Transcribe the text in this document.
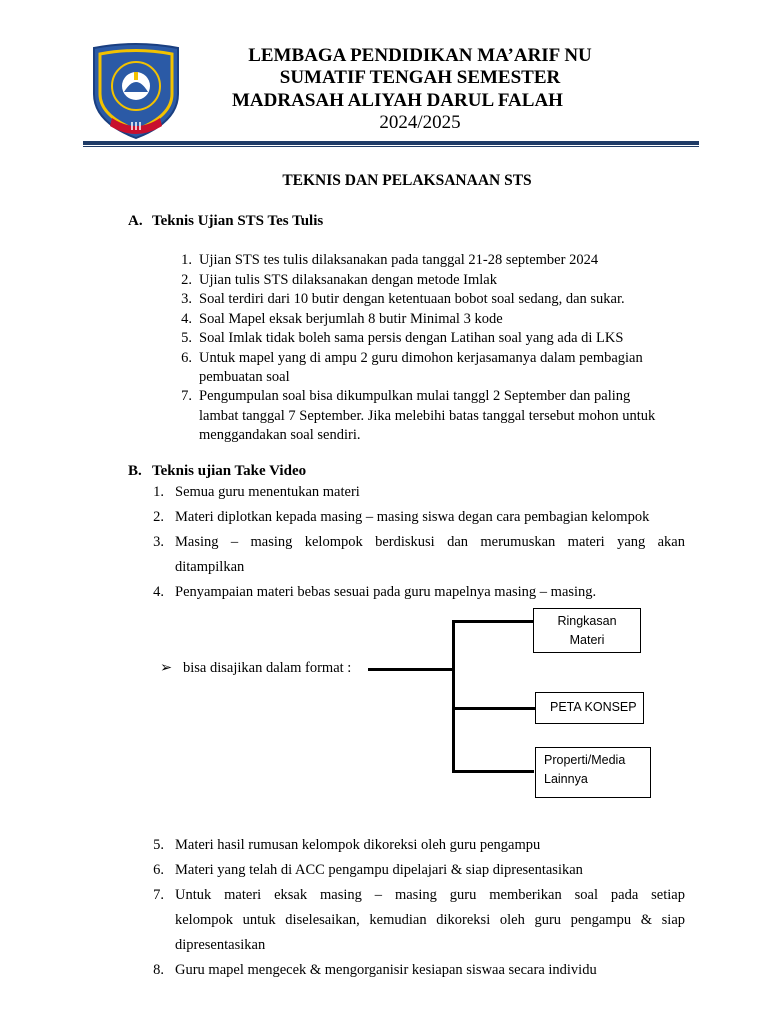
LEMBAGA PENDIDIKAN MA’ARIF NU
SUMATIF TENGAH SEMESTER
MADRASAH ALIYAH DARUL FALAH
2024/2025
TEKNIS DAN PELAKSANAAN STS
A. Teknis Ujian STS Tes Tulis
1. Ujian STS tes tulis dilaksanakan pada tanggal 21-28 september 2024
2. Ujian tulis STS dilaksanakan dengan metode Imlak
3. Soal terdiri dari 10 butir dengan ketentuaan bobot soal sedang, dan sukar.
4. Soal Mapel eksak berjumlah 8 butir Minimal 3 kode
5. Soal Imlak tidak boleh sama persis dengan Latihan soal yang ada di LKS
6. Untuk mapel yang di ampu 2 guru dimohon kerjasamanya dalam pembagian pembuatan soal
7. Pengumpulan soal bisa dikumpulkan mulai tanggl 2 September dan paling lambat tanggal 7 September. Jika melebihi batas tanggal tersebut mohon untuk menggandakan soal sendiri.
B. Teknis ujian Take Video
1. Semua guru menentukan materi
2. Materi diplotkan kepada masing – masing siswa degan cara pembagian kelompok
3. Masing – masing kelompok berdiskusi dan merumuskan materi yang akan
ditampilkan
4. Penyampaian materi bebas sesuai pada guru mapelnya masing – masing.
➢ bisa disajikan dalam format :
Ringkasan Materi
PETA KONSEP
Properti/Media Lainnya
5. Materi hasil rumusan kelompok dikoreksi oleh guru pengampu
6. Materi yang telah di ACC pengampu dipelajari & siap dipresentasikan
7. Untuk materi eksak masing – masing guru memberikan soal pada setiap
kelompok untuk diselesaikan, kemudian dikoreksi oleh guru pengampu & siap
dipresentasikan
8. Guru mapel mengecek & mengorganisir kesiapan siswaa secara individu
